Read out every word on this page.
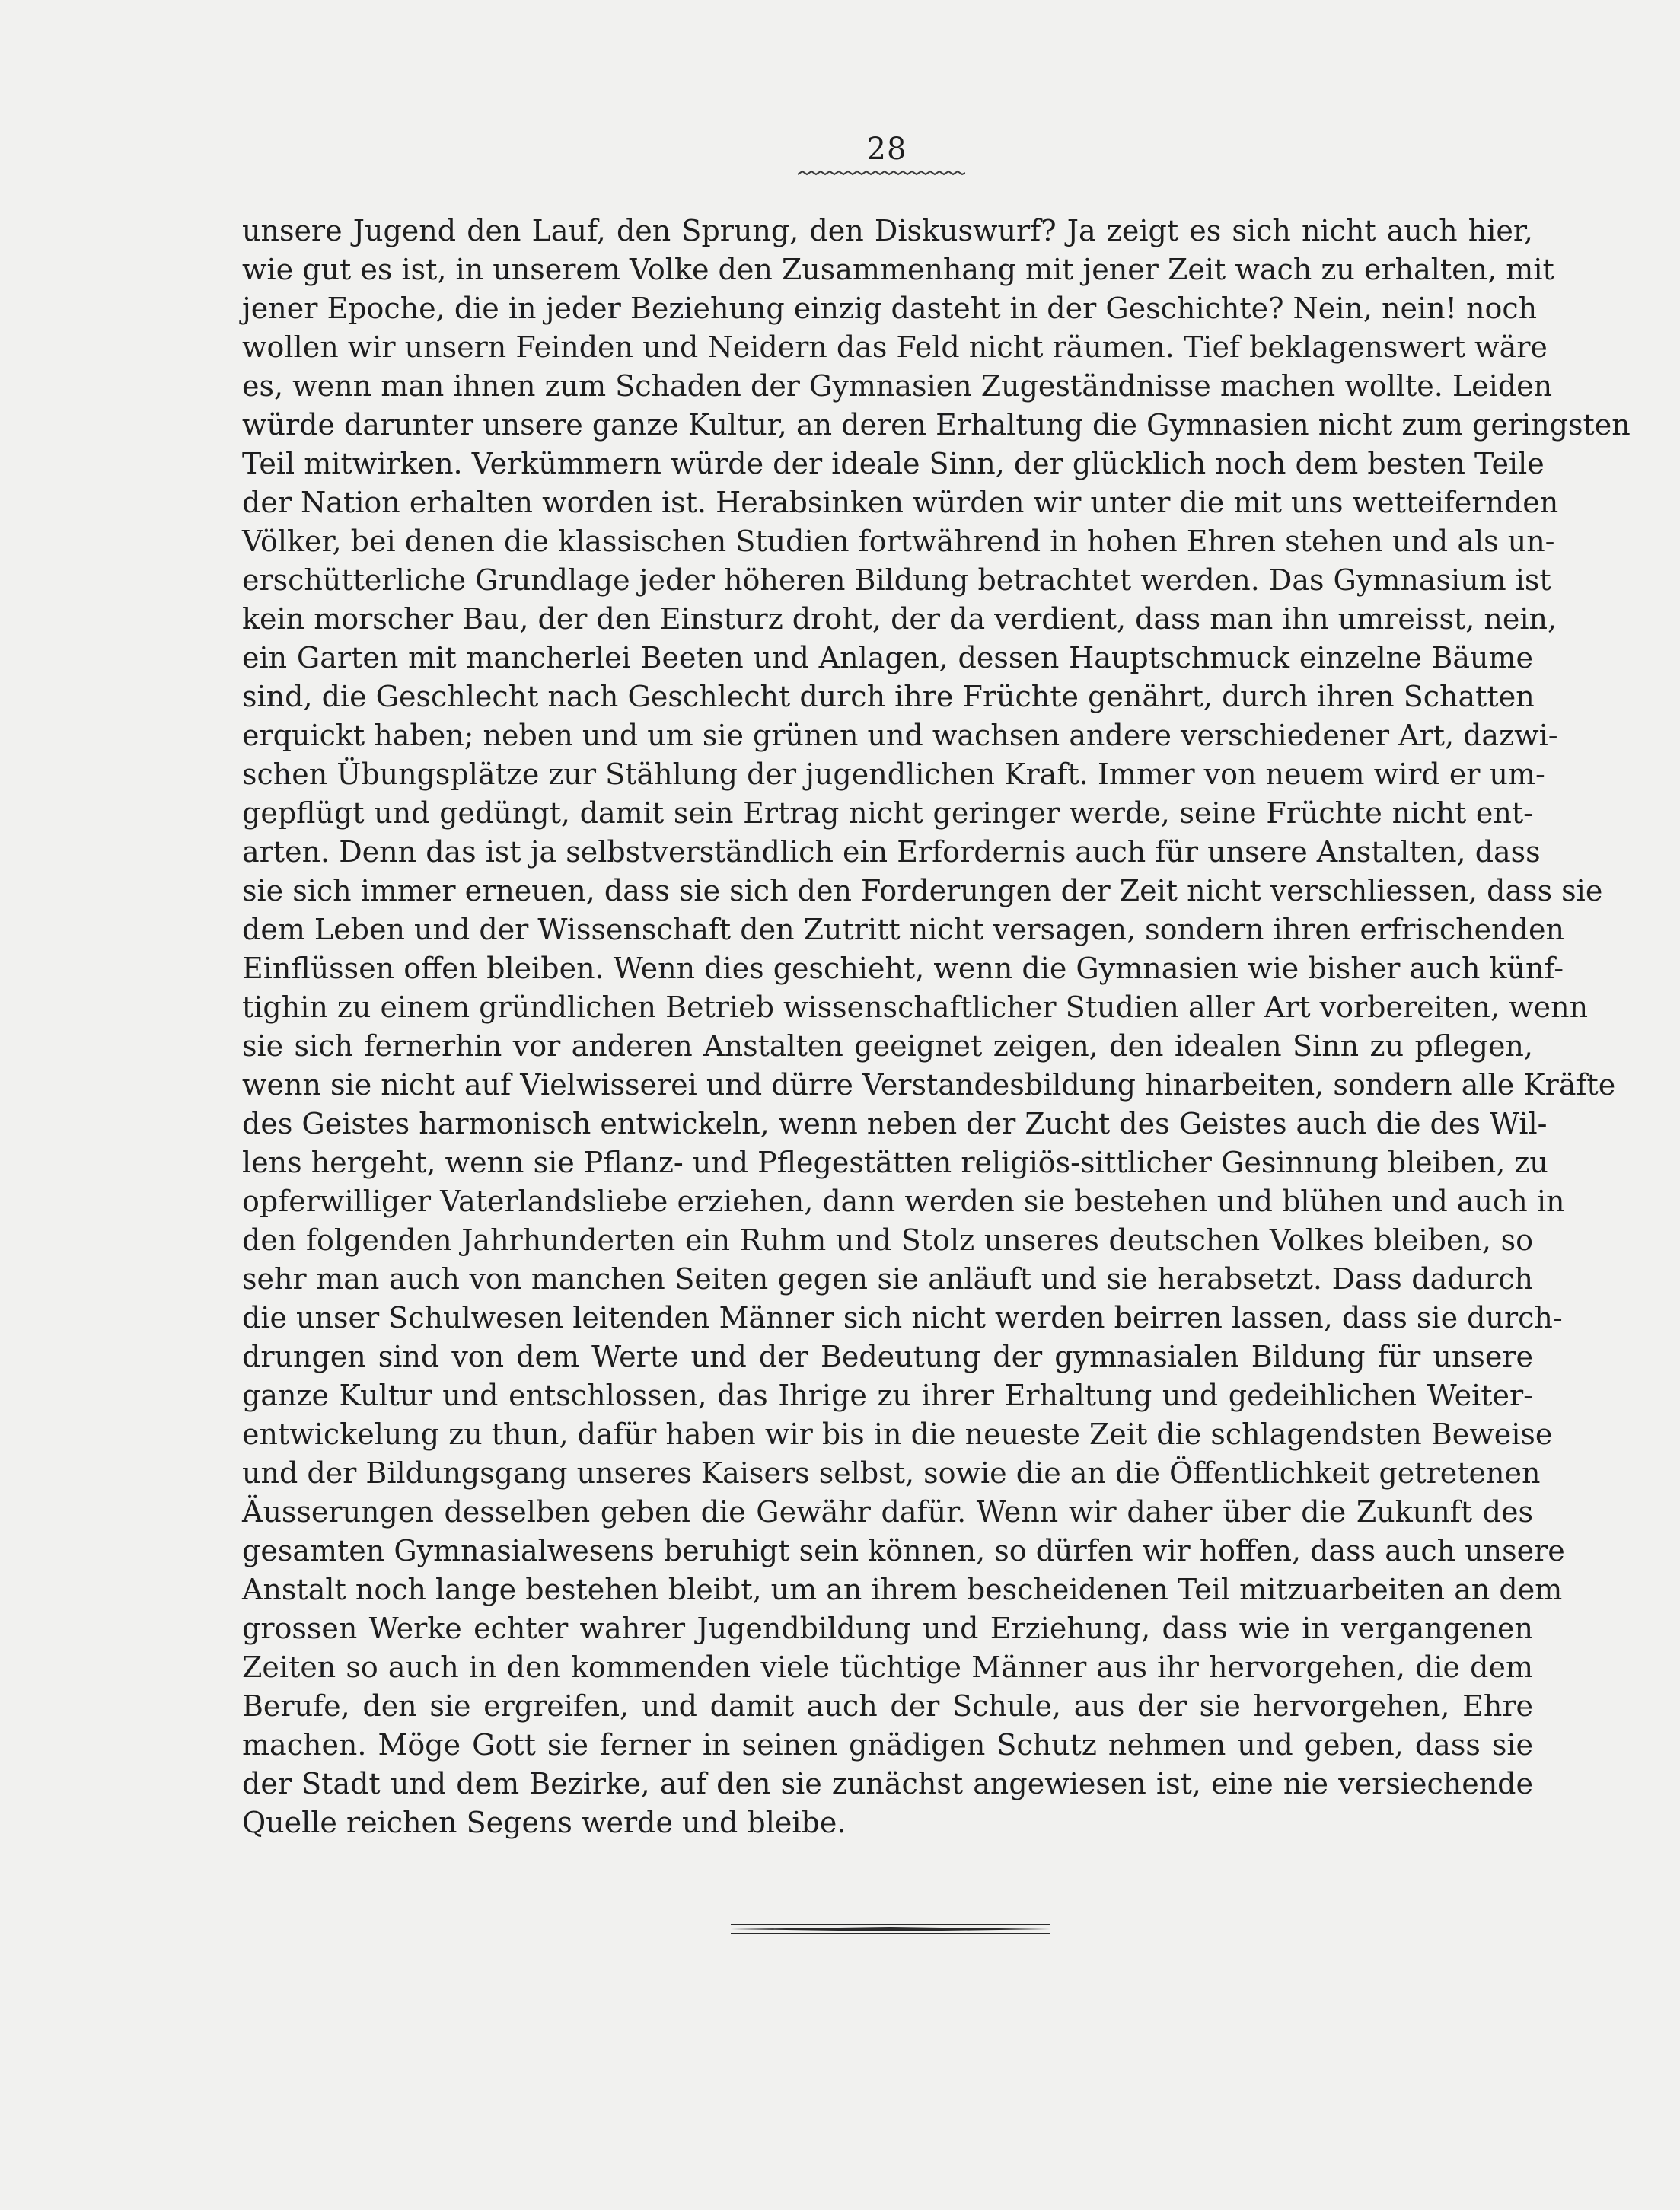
28
unsere Jugend den Lauf, den Sprung, den Diskuswurf? Ja zeigt es sich nicht auch hier,
wie gut es ist, in unserem Volke den Zusammenhang mit jener Zeit wach zu erhalten, mit
jener Epoche, die in jeder Beziehung einzig dasteht in der Geschichte? Nein, nein! noch
wollen wir unsern Feinden und Neidern das Feld nicht räumen. Tief beklagenswert wäre
es, wenn man ihnen zum Schaden der Gymnasien Zugeständnisse machen wollte. Leiden
würde darunter unsere ganze Kultur, an deren Erhaltung die Gymnasien nicht zum geringsten
Teil mitwirken. Verkümmern würde der ideale Sinn, der glücklich noch dem besten Teile
der Nation erhalten worden ist. Herabsinken würden wir unter die mit uns wetteifernden
Völker, bei denen die klassischen Studien fortwährend in hohen Ehren stehen und als un-
erschütterliche Grundlage jeder höheren Bildung betrachtet werden. Das Gymnasium ist
kein morscher Bau, der den Einsturz droht, der da verdient, dass man ihn umreisst, nein,
ein Garten mit mancherlei Beeten und Anlagen, dessen Hauptschmuck einzelne Bäume
sind, die Geschlecht nach Geschlecht durch ihre Früchte genährt, durch ihren Schatten
erquickt haben; neben und um sie grünen und wachsen andere verschiedener Art, dazwi-
schen Übungsplätze zur Stählung der jugendlichen Kraft. Immer von neuem wird er um-
gepflügt und gedüngt, damit sein Ertrag nicht geringer werde, seine Früchte nicht ent-
arten. Denn das ist ja selbstverständlich ein Erfordernis auch für unsere Anstalten, dass
sie sich immer erneuen, dass sie sich den Forderungen der Zeit nicht verschliessen, dass sie
dem Leben und der Wissenschaft den Zutritt nicht versagen, sondern ihren erfrischenden
Einflüssen offen bleiben. Wenn dies geschieht, wenn die Gymnasien wie bisher auch künf-
tighin zu einem gründlichen Betrieb wissenschaftlicher Studien aller Art vorbereiten, wenn
sie sich fernerhin vor anderen Anstalten geeignet zeigen, den idealen Sinn zu pflegen,
wenn sie nicht auf Vielwisserei und dürre Verstandesbildung hinarbeiten, sondern alle Kräfte
des Geistes harmonisch entwickeln, wenn neben der Zucht des Geistes auch die des Wil-
lens hergeht, wenn sie Pflanz- und Pflegestätten religiös-sittlicher Gesinnung bleiben, zu
opferwilliger Vaterlandsliebe erziehen, dann werden sie bestehen und blühen und auch in
den folgenden Jahrhunderten ein Ruhm und Stolz unseres deutschen Volkes bleiben, so
sehr man auch von manchen Seiten gegen sie anläuft und sie herabsetzt. Dass dadurch
die unser Schulwesen leitenden Männer sich nicht werden beirren lassen, dass sie durch-
drungen sind von dem Werte und der Bedeutung der gymnasialen Bildung für unsere
ganze Kultur und entschlossen, das Ihrige zu ihrer Erhaltung und gedeihlichen Weiter-
entwickelung zu thun, dafür haben wir bis in die neueste Zeit die schlagendsten Beweise
und der Bildungsgang unseres Kaisers selbst, sowie die an die Öffentlichkeit getretenen
Äusserungen desselben geben die Gewähr dafür. Wenn wir daher über die Zukunft des
gesamten Gymnasialwesens beruhigt sein können, so dürfen wir hoffen, dass auch unsere
Anstalt noch lange bestehen bleibt, um an ihrem bescheidenen Teil mitzuarbeiten an dem
grossen Werke echter wahrer Jugendbildung und Erziehung, dass wie in vergangenen
Zeiten so auch in den kommenden viele tüchtige Männer aus ihr hervorgehen, die dem
Berufe, den sie ergreifen, und damit auch der Schule, aus der sie hervorgehen, Ehre
machen. Möge Gott sie ferner in seinen gnädigen Schutz nehmen und geben, dass sie
der Stadt und dem Bezirke, auf den sie zunächst angewiesen ist, eine nie versiechende
Quelle reichen Segens werde und bleibe.
